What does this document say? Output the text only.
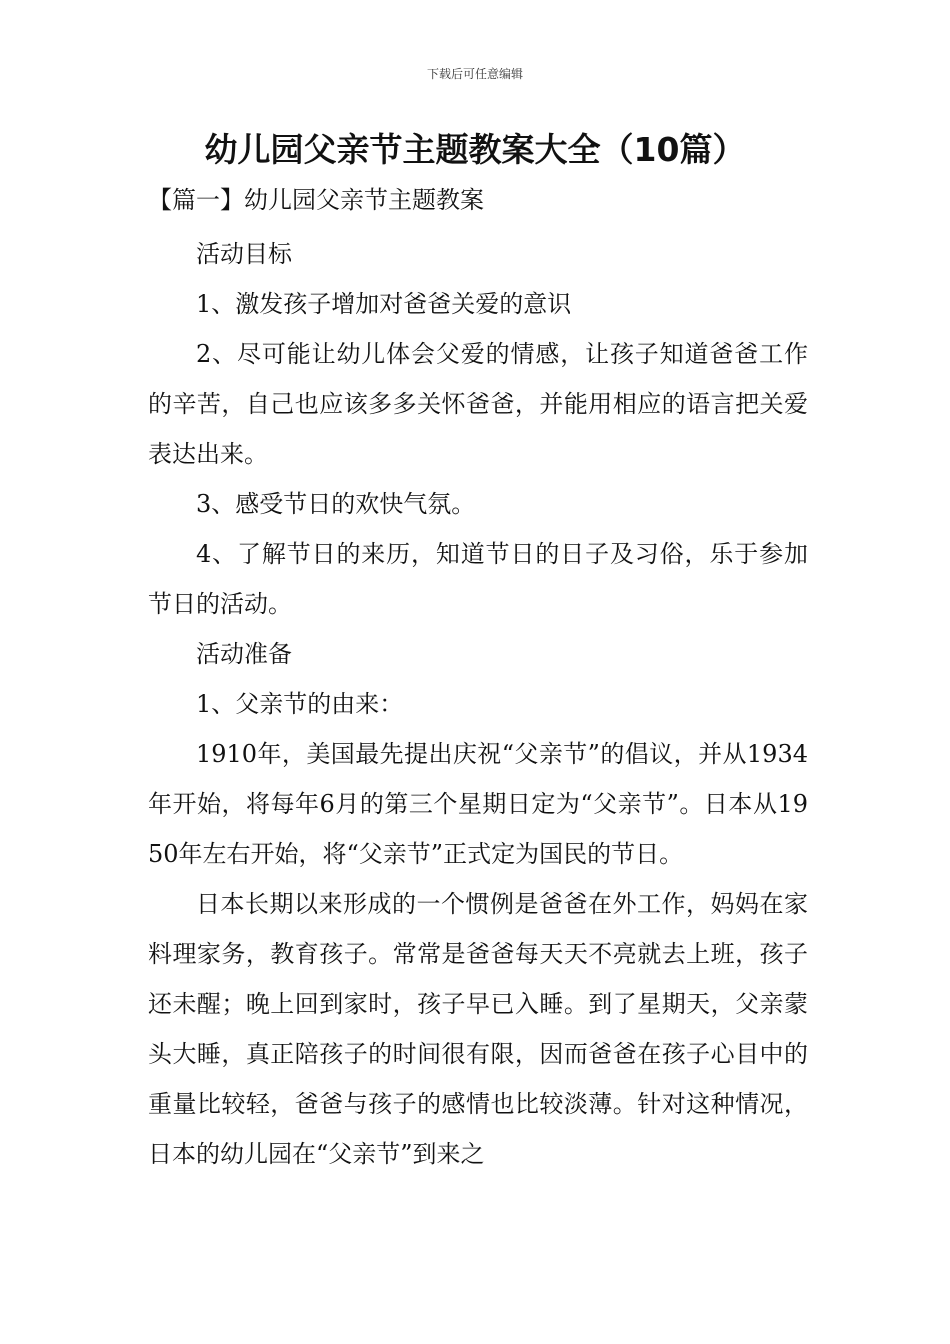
下载后可任意编辑
幼儿园父亲节主题教案大全（10篇）
【篇一】幼儿园父亲节主题教案

活动目标

1、激发孩子增加对爸爸关爱的意识

2、尽可能让幼儿体会父爱的情感，让孩子知道爸爸工作的辛苦，自己也应该多多关怀爸爸，并能用相应的语言把关爱表达出来。

3、感受节日的欢快气氛。

4、了解节日的来历，知道节日的日子及习俗，乐于参加节日的活动。

活动准备

1、父亲节的由来：

1910年，美国最先提出庆祝“父亲节”的倡议，并从1934年开始，将每年6月的第三个星期日定为“父亲节”。日本从1950年左右开始，将“父亲节”正式定为国民的节日。

日本长期以来形成的一个惯例是爸爸在外工作，妈妈在家料理家务，教育孩子。常常是爸爸每天天不亮就去上班，孩子还未醒；晚上回到家时，孩子早已入睡。到了星期天，父亲蒙头大睡，真正陪孩子的时间很有限，因而爸爸在孩子心目中的重量比较轻，爸爸与孩子的感情也比较淡薄。针对这种情况，日本的幼儿园在“父亲节”到来之
